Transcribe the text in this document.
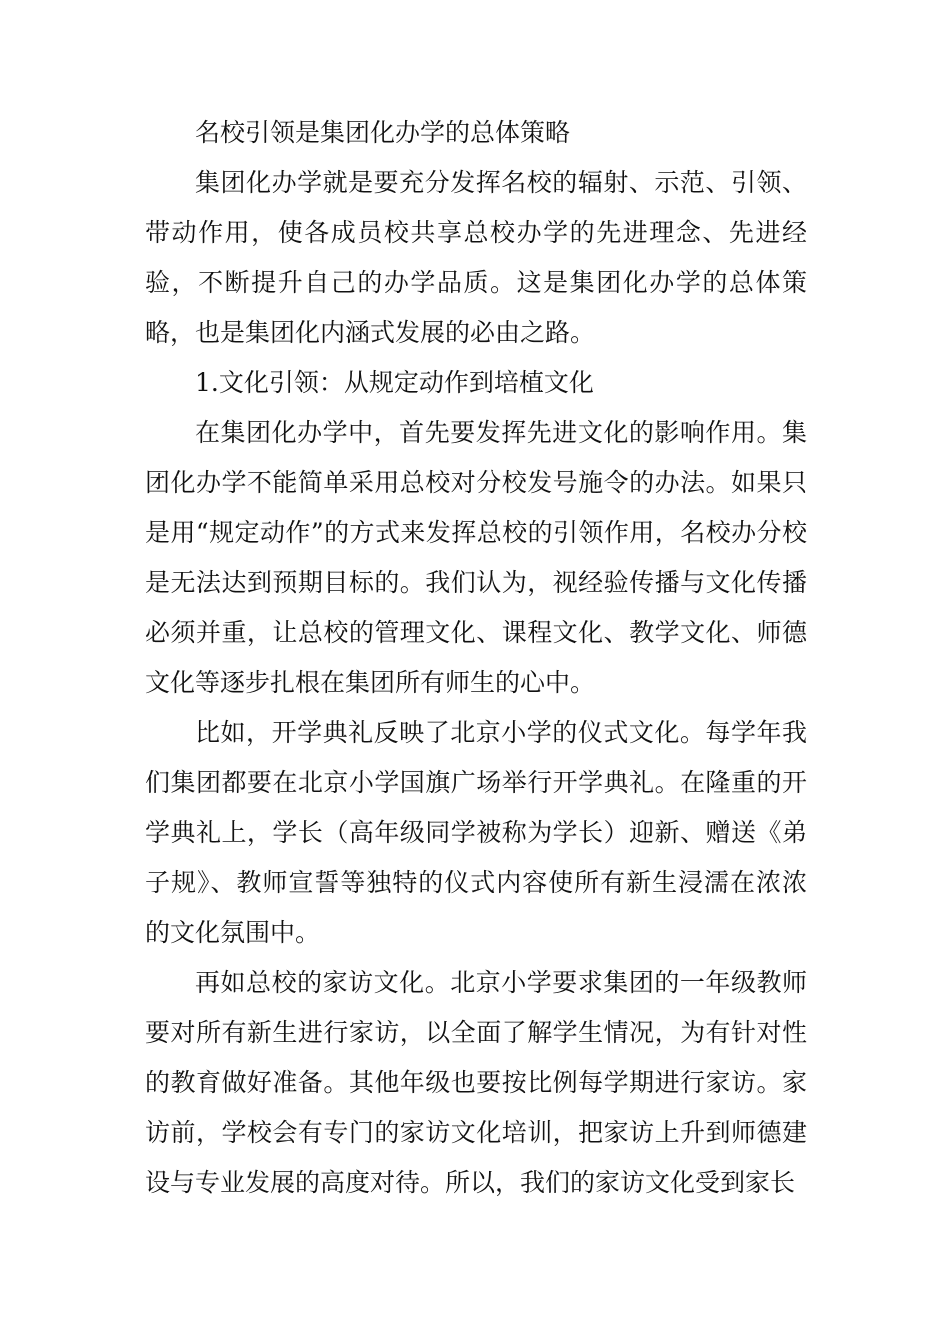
名校引领是集团化办学的总体策略

集团化办学就是要充分发挥名校的辐射、示范、引领、带动作用，使各成员校共享总校办学的先进理念、先进经验，不断提升自己的办学品质。这是集团化办学的总体策略，也是集团化内涵式发展的必由之路。

1.文化引领：从规定动作到培植文化

在集团化办学中，首先要发挥先进文化的影响作用。集团化办学不能简单采用总校对分校发号施令的办法。如果只是用“规定动作”的方式来发挥总校的引领作用，名校办分校是无法达到预期目标的。我们认为，视经验传播与文化传播必须并重，让总校的管理文化、课程文化、教学文化、师德文化等逐步扎根在集团所有师生的心中。

比如，开学典礼反映了北京小学的仪式文化。每学年我们集团都要在北京小学国旗广场举行开学典礼。在隆重的开学典礼上，学长（高年级同学被称为学长）迎新、赠送《弟子规》、教师宣誓等独特的仪式内容使所有新生浸濡在浓浓的文化氛围中。

再如总校的家访文化。北京小学要求集团的一年级教师要对所有新生进行家访，以全面了解学生情况，为有针对性的教育做好准备。其他年级也要按比例每学期进行家访。家访前，学校会有专门的家访文化培训，把家访上升到师德建设与专业发展的高度对待。所以，我们的家访文化受到家长
